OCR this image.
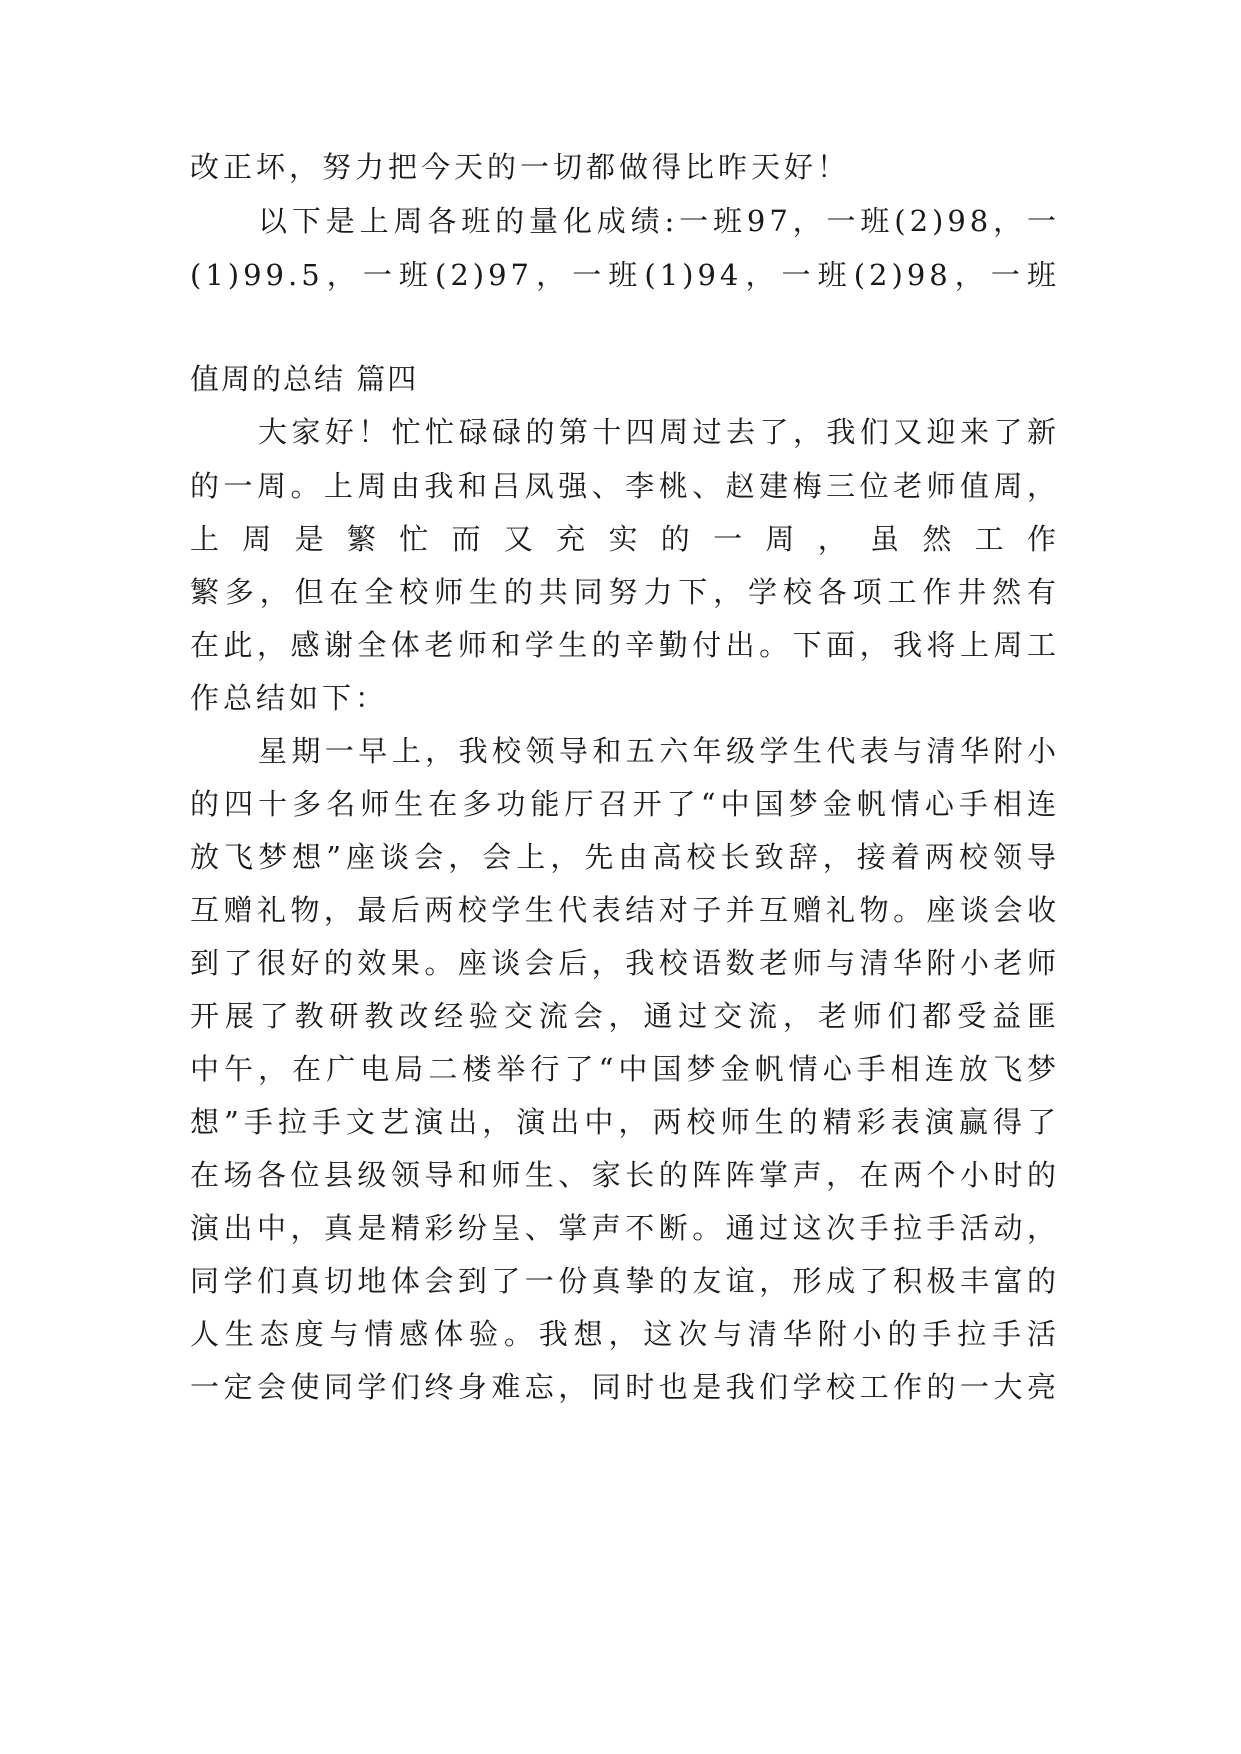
改正坏，努力把今天的一切都做得比昨天好！
以下是上周各班的量化成绩:一班97，一班(2)98，一
(1)99.5，一班(2)97，一班(1)94，一班(2)98，一班
值周的总结 篇四
大家好！忙忙碌碌的第十四周过去了，我们又迎来了新
的一周。上周由我和吕凤强、李桃、赵建梅三位老师值周，
上周是繁忙而又充实的一周，虽然工作
繁多，但在全校师生的共同努力下，学校各项工作井然有
在此，感谢全体老师和学生的辛勤付出。下面，我将上周工
作总结如下：
星期一早上，我校领导和五六年级学生代表与清华附小
的四十多名师生在多功能厅召开了“中国梦金帆情心手相连
放飞梦想”座谈会，会上，先由高校长致辞，接着两校领导
互赠礼物，最后两校学生代表结对子并互赠礼物。座谈会收
到了很好的效果。座谈会后，我校语数老师与清华附小老师
开展了教研教改经验交流会，通过交流，老师们都受益匪
中午，在广电局二楼举行了“中国梦金帆情心手相连放飞梦
想”手拉手文艺演出，演出中，两校师生的精彩表演赢得了
在场各位县级领导和师生、家长的阵阵掌声，在两个小时的
演出中，真是精彩纷呈、掌声不断。通过这次手拉手活动，
同学们真切地体会到了一份真挚的友谊，形成了积极丰富的
人生态度与情感体验。我想，这次与清华附小的手拉手活
一定会使同学们终身难忘，同时也是我们学校工作的一大亮
